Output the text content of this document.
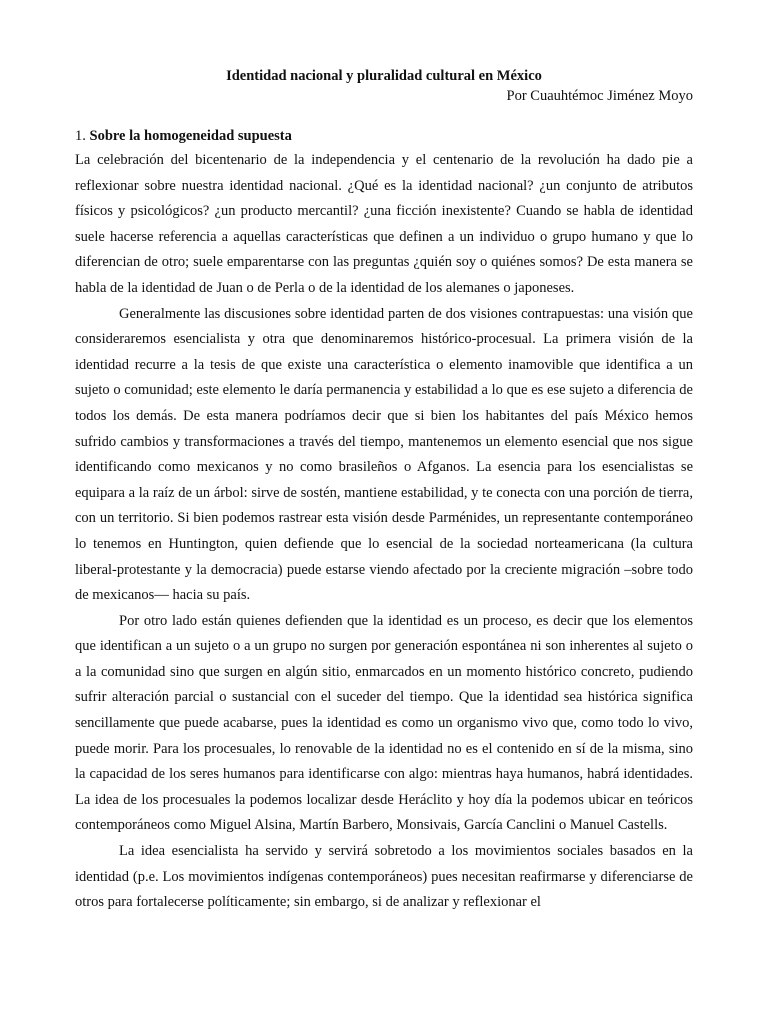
Identidad nacional y pluralidad cultural en México
Por Cuauhtémoc Jiménez Moyo
1. Sobre la homogeneidad supuesta

La celebración del bicentenario de la independencia y el centenario de la revolución ha dado pie a reflexionar sobre nuestra identidad nacional. ¿Qué es la identidad nacional? ¿un conjunto de atributos físicos y psicológicos? ¿un producto mercantil? ¿una ficción inexistente? Cuando se habla de identidad suele hacerse referencia a aquellas características que definen a un individuo o grupo humano y que lo diferencian de otro; suele emparentarse con las preguntas ¿quién soy o quiénes somos? De esta manera se habla de la identidad de Juan o de Perla o de la identidad de los alemanes o japoneses.

Generalmente las discusiones sobre identidad parten de dos visiones contrapuestas: una visión que consideraremos esencialista y otra que denominaremos histórico-procesual. La primera visión de la identidad recurre a la tesis de que existe una característica o elemento inamovible que identifica a un sujeto o comunidad; este elemento le daría permanencia y estabilidad a lo que es ese sujeto a diferencia de todos los demás. De esta manera podríamos decir que si bien los habitantes del país México hemos sufrido cambios y transformaciones a través del tiempo, mantenemos un elemento esencial que nos sigue identificando como mexicanos y no como brasileños o Afganos. La esencia para los esencialistas se equipara a la raíz de un árbol: sirve de sostén, mantiene estabilidad, y te conecta con una porción de tierra, con un territorio. Si bien podemos rastrear esta visión desde Parménides, un representante contemporáneo lo tenemos en Huntington, quien defiende que lo esencial de la sociedad norteamericana (la cultura liberal-protestante y la democracia) puede estarse viendo afectado por la creciente migración –sobre todo de mexicanos— hacia su país.

Por otro lado están quienes defienden que la identidad es un proceso, es decir que los elementos que identifican a un sujeto o a un grupo no surgen por generación espontánea ni son inherentes al sujeto o a la comunidad sino que surgen en algún sitio, enmarcados en un momento histórico concreto, pudiendo sufrir alteración parcial o sustancial con el suceder del tiempo. Que la identidad sea histórica significa sencillamente que puede acabarse, pues la identidad es como un organismo vivo que, como todo lo vivo, puede morir. Para los procesuales, lo renovable de la identidad no es el contenido en sí de la misma, sino la capacidad de los seres humanos para identificarse con algo: mientras haya humanos, habrá identidades. La idea de los procesuales la podemos localizar desde Heráclito y hoy día la podemos ubicar en teóricos contemporáneos como Miguel Alsina, Martín Barbero, Monsivais, García Canclini o Manuel Castells.

La idea esencialista ha servido y servirá sobretodo a los movimientos sociales basados en la identidad (p.e. Los movimientos indígenas contemporáneos) pues necesitan reafirmarse y diferenciarse de otros para fortalecerse políticamente; sin embargo, si de analizar y reflexionar el
